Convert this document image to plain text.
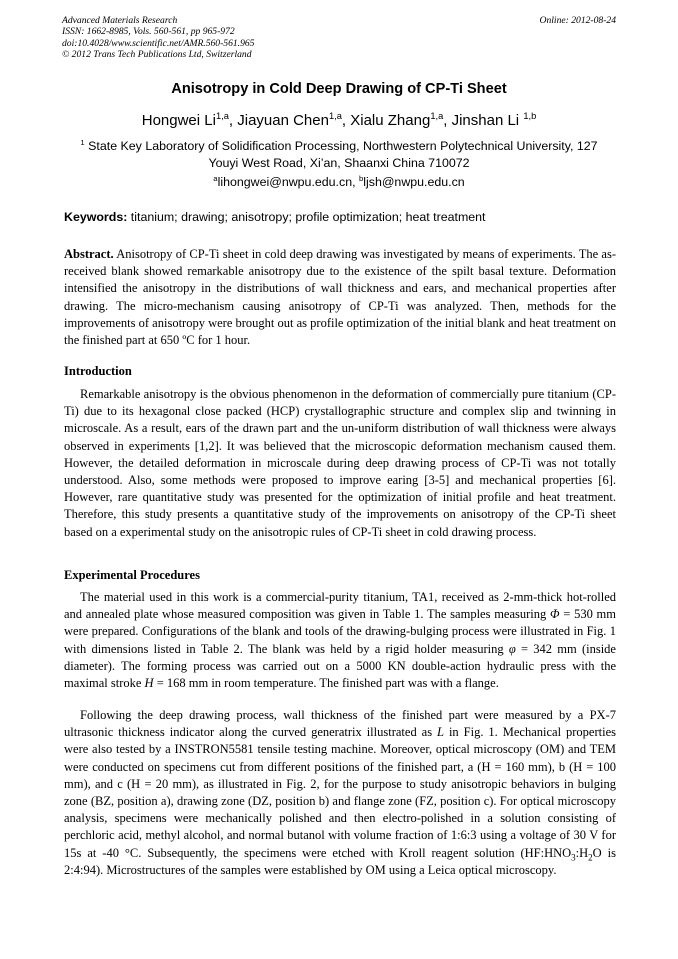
Advanced Materials Research
ISSN: 1662-8985, Vols. 560-561, pp 965-972
doi:10.4028/www.scientific.net/AMR.560-561.965
© 2012 Trans Tech Publications Ltd, Switzerland
Online: 2012-08-24
Anisotropy in Cold Deep Drawing of CP-Ti Sheet
Hongwei Li$^{1,a}$, Jiayuan Chen$^{1,a}$, Xialu Zhang$^{1,a}$, Jinshan Li $^{1,b}$
$^1$ State Key Laboratory of Solidification Processing, Northwestern Polytechnical University, 127
Youyi West Road, Xi’an, Shaanxi China 710072
$^a$lihongwei@nwpu.edu.cn, $^b$ljsh@nwpu.edu.cn
Keywords: titanium; drawing; anisotropy; profile optimization; heat treatment

Abstract. Anisotropy of CP-Ti sheet in cold deep drawing was investigated by means of experiments. The as-received blank showed remarkable anisotropy due to the existence of the spilt basal texture. Deformation intensified the anisotropy in the distributions of wall thickness and ears, and mechanical properties after drawing. The micro-mechanism causing anisotropy of CP-Ti was analyzed. Then, methods for the improvements of anisotropy were brought out as profile optimization of the initial blank and heat treatment on the finished part at 650 ºC for 1 hour.

Introduction

Remarkable anisotropy is the obvious phenomenon in the deformation of commercially pure titanium (CP-Ti) due to its hexagonal close packed (HCP) crystallographic structure and complex slip and twinning in microscale. As a result, ears of the drawn part and the un-uniform distribution of wall thickness were always observed in experiments [1,2]. It was believed that the microscopic deformation mechanism caused them. However, the detailed deformation in microscale during deep drawing process of CP-Ti was not totally understood. Also, some methods were proposed to improve earing [3-5] and mechanical properties [6]. However, rare quantitative study was presented for the optimization of initial profile and heat treatment. Therefore, this study presents a quantitative study of the improvements on anisotropy of the CP-Ti sheet based on a experimental study on the anisotropic rules of CP-Ti sheet in cold drawing process.

Experimental Procedures

The material used in this work is a commercial-purity titanium, TA1, received as 2-mm-thick hot-rolled and annealed plate whose measured composition was given in Table 1. The samples measuring Φ = 530 mm were prepared. Configurations of the blank and tools of the drawing-bulging process were illustrated in Fig. 1 with dimensions listed in Table 2. The blank was held by a rigid holder measuring φ = 342 mm (inside diameter). The forming process was carried out on a 5000 KN double-action hydraulic press with the maximal stroke H = 168 mm in room temperature. The finished part was with a flange.

Following the deep drawing process, wall thickness of the finished part were measured by a PX-7 ultrasonic thickness indicator along the curved generatrix illustrated as L in Fig. 1. Mechanical properties were also tested by a INSTRON5581 tensile testing machine. Moreover, optical microscopy (OM) and TEM were conducted on specimens cut from different positions of the finished part, a (H = 160 mm), b (H = 100 mm), and c (H = 20 mm), as illustrated in Fig. 2, for the purpose to study anisotropic behaviors in bulging zone (BZ, position a), drawing zone (DZ, position b) and flange zone (FZ, position c). For optical microscopy analysis, specimens were mechanically polished and then electro-polished in a solution consisting of perchloric acid, methyl alcohol, and normal butanol with volume fraction of 1:6:3 using a voltage of 30 V for 15s at -40 °C. Subsequently, the specimens were etched with Kroll reagent solution ($HF:HNO_3:H_2O$ is 2:4:94). Microstructures of the samples were established by OM using a Leica optical microscopy.
